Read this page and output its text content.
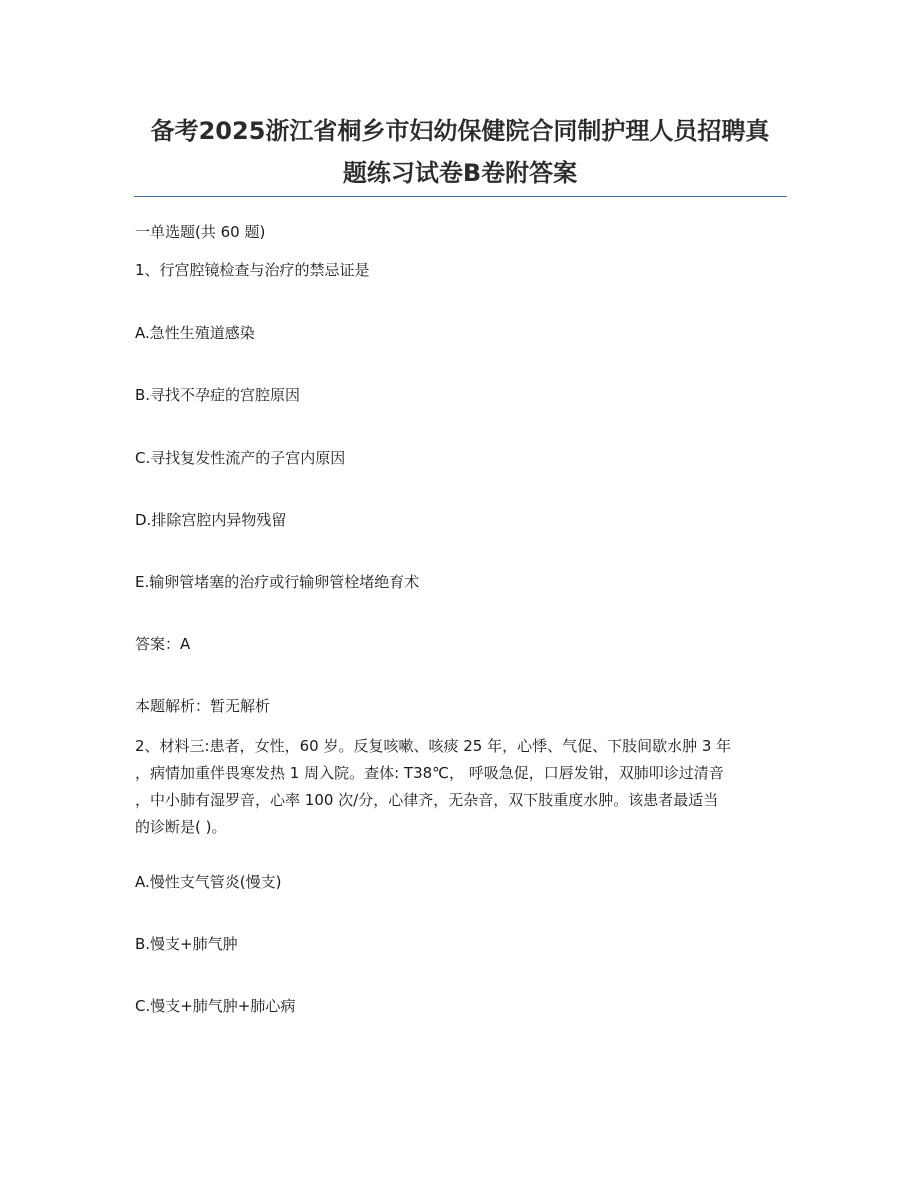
备考2025浙江省桐乡市妇幼保健院合同制护理人员招聘真
题练习试卷B卷附答案
一单选题(共 60 题)
1、行宫腔镜检查与治疗的禁忌证是
A.急性生殖道感染
B.寻找不孕症的宫腔原因
C.寻找复发性流产的子宫内原因
D.排除宫腔内异物残留
E.输卵管堵塞的治疗或行输卵管栓堵绝育术
答案：A
本题解析：暂无解析
2、材料三:患者，女性，60 岁。反复咳嗽、咳痰 25 年，心悸、气促、下肢间歇水肿 3 年
，病情加重伴畏寒发热 1 周入院。查体: T38℃， 呼吸急促，口唇发钳，双肺叩诊过清音
，中小肺有湿罗音，心率 100 次/分，心律齐，无杂音，双下肢重度水肿。该患者最适当
的诊断是( )。
A.慢性支气管炎(慢支)
B.慢支+肺气肿
C.慢支+肺气肿+肺心病
